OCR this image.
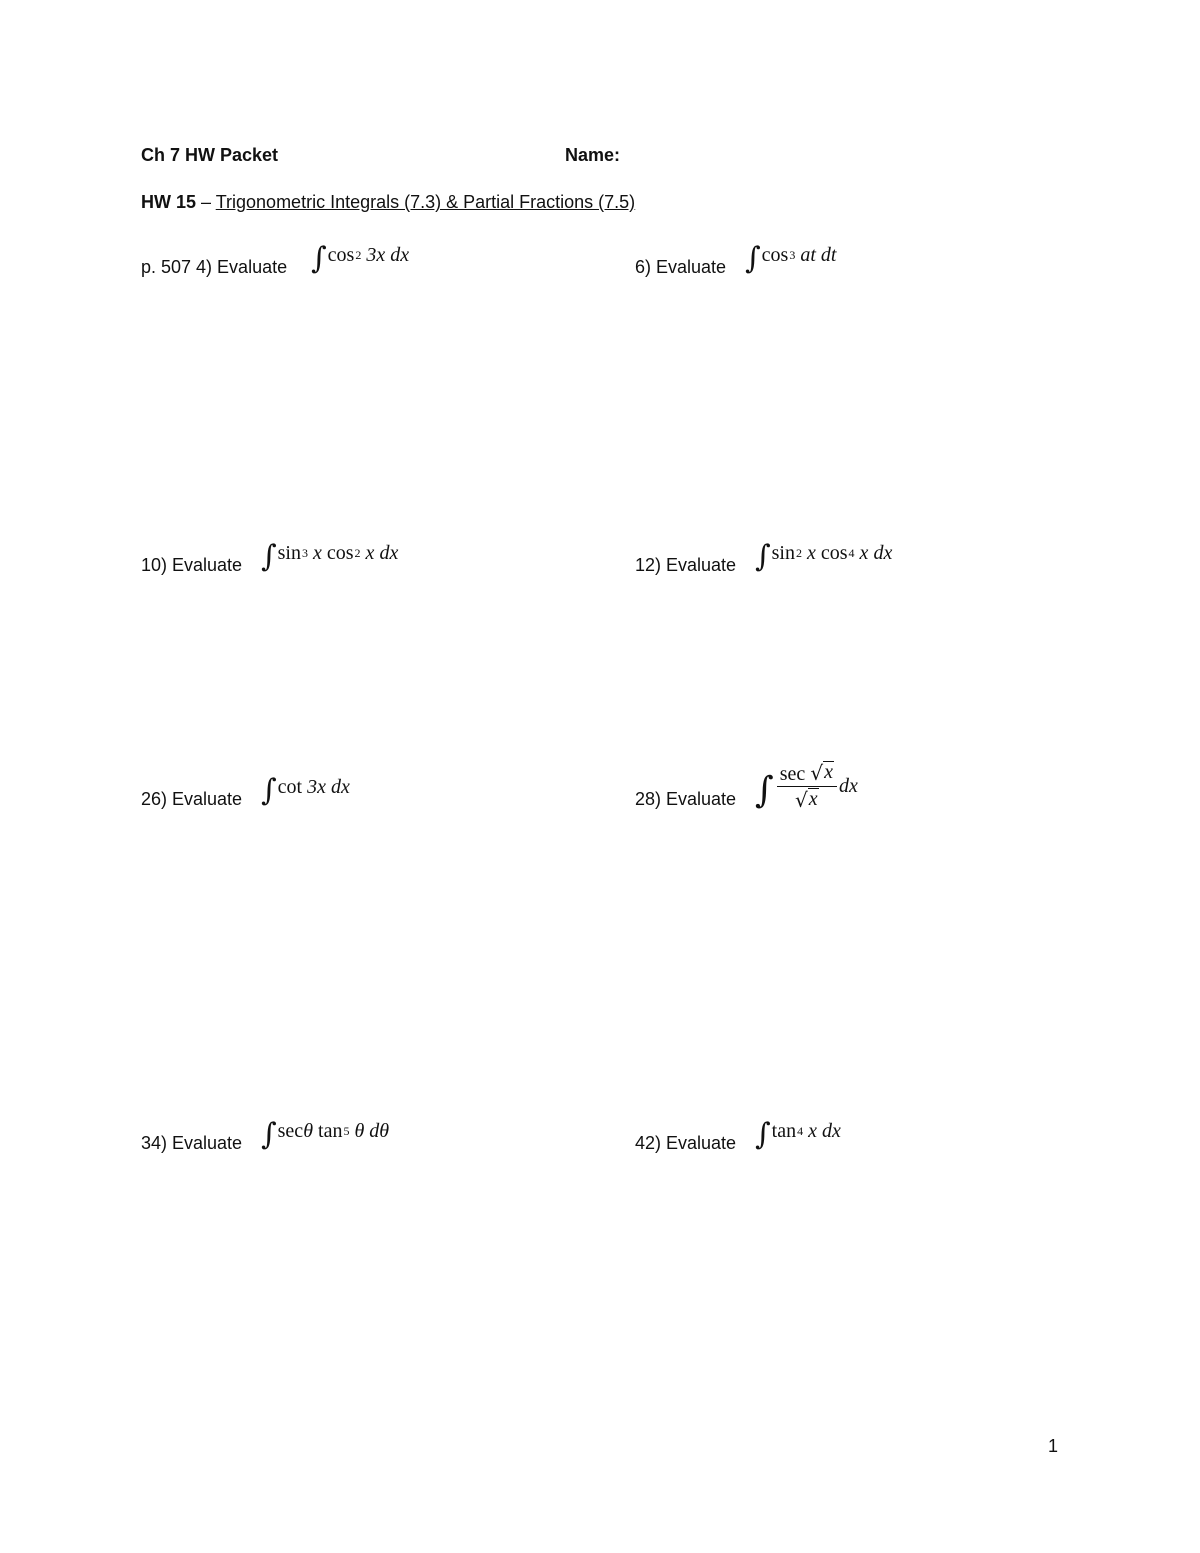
Ch 7 HW Packet	Name:
HW 15 – Trigonometric Integrals (7.3) & Partial Fractions (7.5)
p. 507 4) Evaluate ∫ cos 2
3x
dx
6) Evaluate ∫ cos 3
at
dt
10) Evaluate ∫ sin 3
x
cos 2
x
dx
12) Evaluate ∫ sin 2
x
cos 4
x
dx
26) Evaluate ∫ cot
3x
dx
28) Evaluate ∫ $\frac{\sec √ x}{√ x}$ dx
34) Evaluate ∫ sec θ
tan 5
θ
dθ
42) Evaluate ∫ tan 4
x
dx
1
